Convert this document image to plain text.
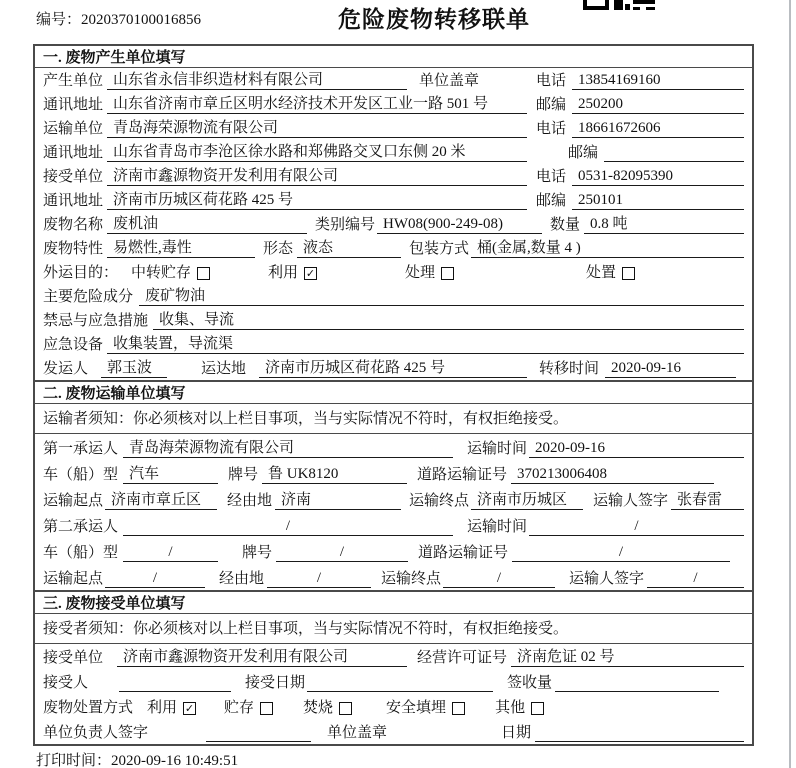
编号：2020370100016856	危险废物转移联单
一. 废物产生单位填写
产生单位 山东省永信非织造材料有限公司	单位盖章	电话 13854169160
通讯地址 山东省济南市章丘区明水经济技术开发区工业一路 501 号	邮编 250200
运输单位 青岛海荣源物流有限公司	电话 18661672606
通讯地址 山东省青岛市李沧区徐水路和郑佛路交叉口东侧 20 米	邮编
接受单位 济南市鑫源物资开发利用有限公司	电话 0531-82095390
通讯地址 济南市历城区荷花路 425 号	邮编 250101
废物名称 废机油	类别编号 HW08(900-249-08)	数量 0.8 吨
废物特性 易燃性,毒性	形态 液态	包装方式 桶(金属,数量 4 )
外运目的： 中转贮存	利用 ✓	处理	处置
主要危险成分 废矿物油
禁忌与应急措施 收集、导流
应急设备 收集装置，导流渠
发运人	郭玉波	运达地	济南市历城区荷花路 425 号	转移时间 2020-09-16
二. 废物运输单位填写
运输者须知：你必须核对以上栏目事项，当与实际情况不符时，有权拒绝接受。
第一承运人 青岛海荣源物流有限公司	运输时间 2020-09-16
车（船）型 汽车	牌号 鲁 UK8120	道路运输证号 370213006408
运输起点 济南市章丘区	经由地 济南	运输终点 济南市历城区	运输人签字 张春雷
第二承运人	/	运输时间	/
车（船）型	/	牌号	/	道路运输证号	/
运输起点	/	经由地	/	运输终点	/	运输人签字	/
三. 废物接受单位填写
接受者须知：你必须核对以上栏目事项，当与实际情况不符时，有权拒绝接受。
接受单位	济南市鑫源物资开发利用有限公司	经营许可证号 济南危证 02 号
接受人	接受日期	签收量
废物处置方式 利用 ✓ 贮存	焚烧	安全填埋	其他
单位负责人签字	单位盖章	日期
打印时间：2020-09-16 10:49:51
